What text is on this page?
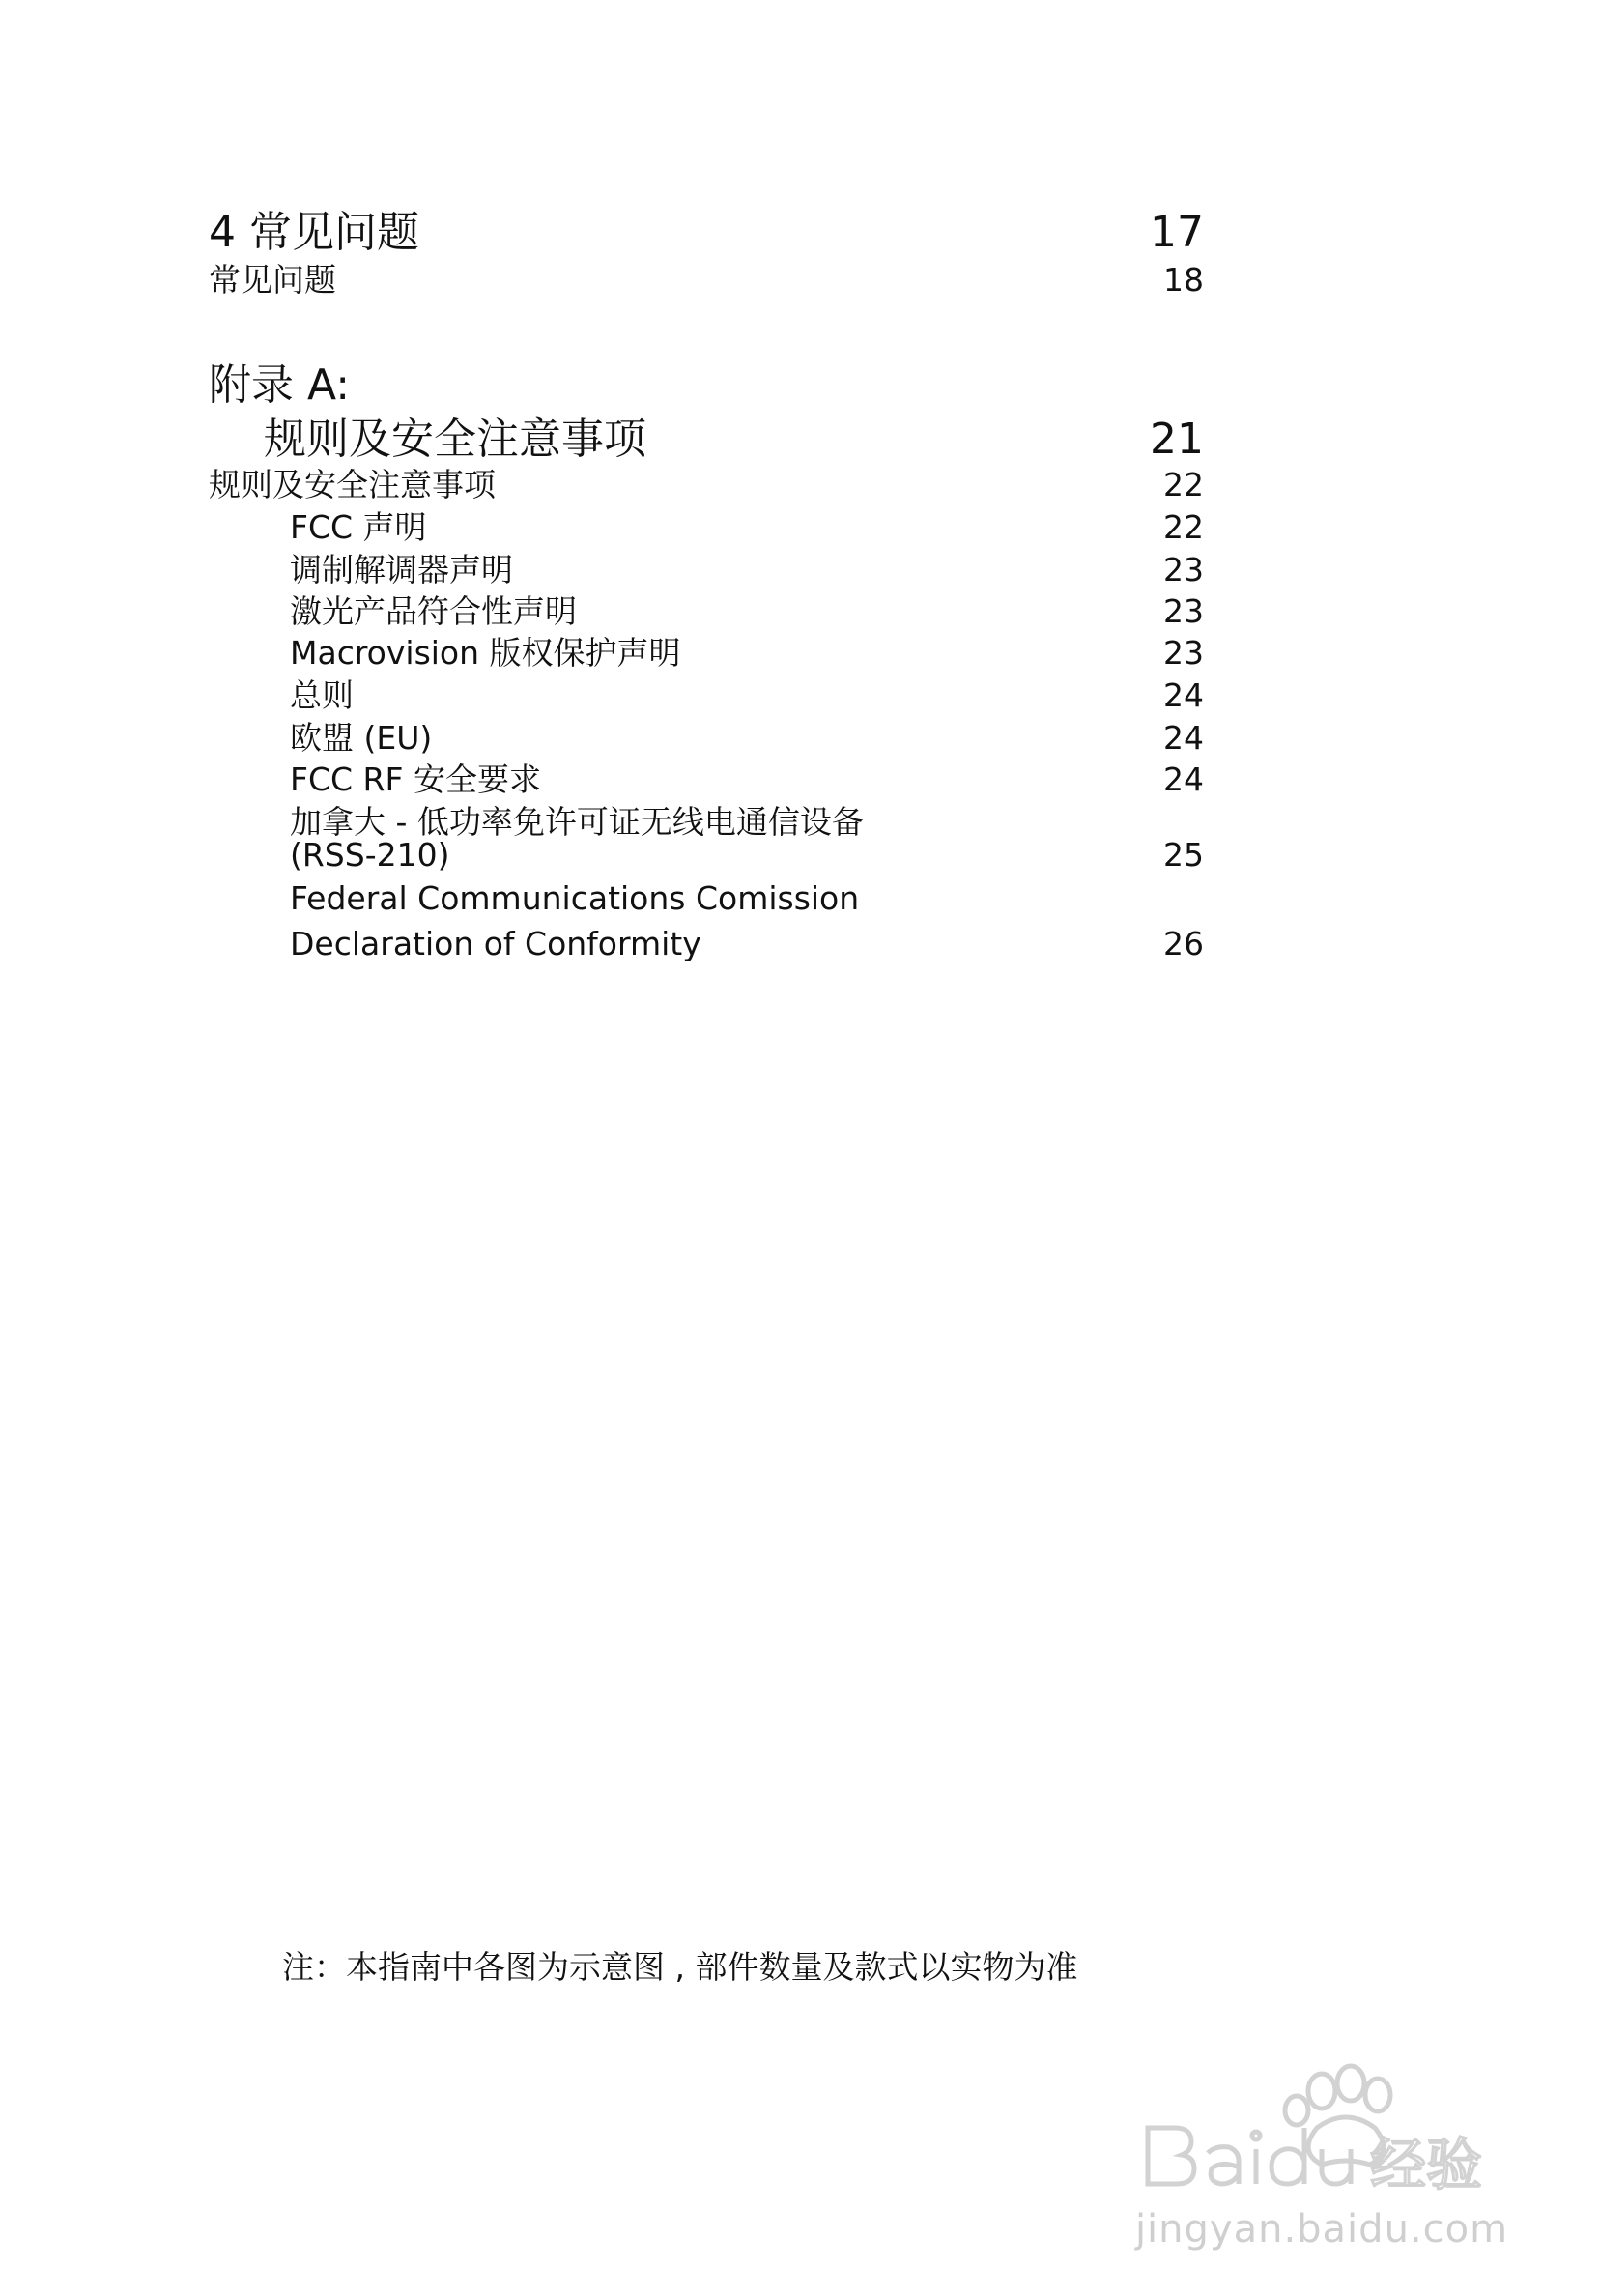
4 常见问题	17
常见问题	18
附录 A:
规则及安全注意事项	21
规则及安全注意事项	22
FCC 声明	22
调制解调器声明	23
激光产品符合性声明	23
Macrovision 版权保护声明	23
总则	24
欧盟 (EU)	24
FCC RF 安全要求	24
加拿大 - 低功率免许可证无线电通信设备
(RSS-210)	25
Federal Communications Comission
Declaration of Conformity	26
注：本指南中各图为示意图 , 部件数量及款式以实物为准
经验
jingyan.baidu.com
